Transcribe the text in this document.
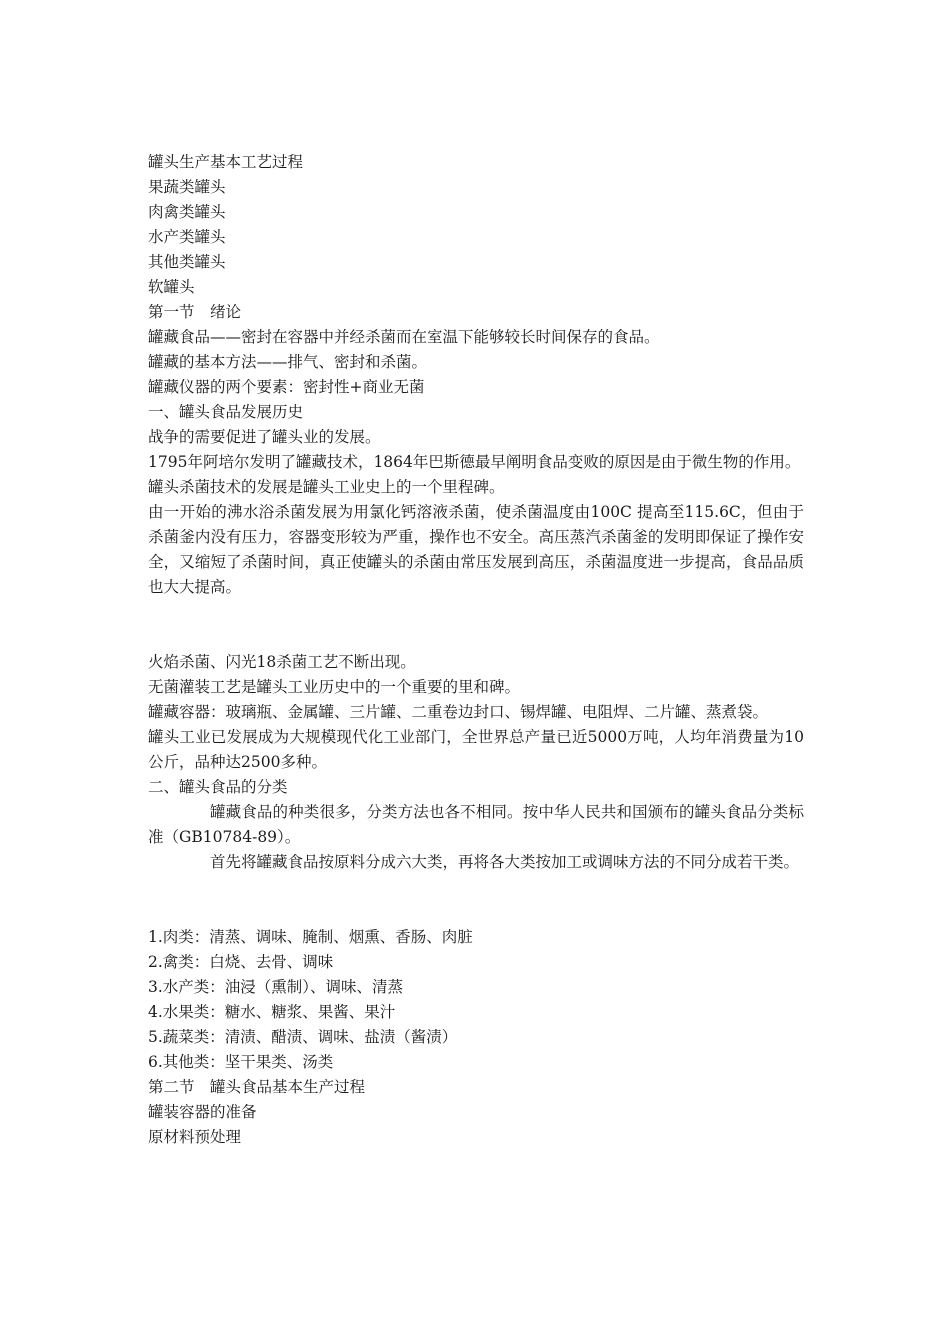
罐头生产基本工艺过程
果蔬类罐头
肉禽类罐头
水产类罐头
其他类罐头
软罐头
第一节　绪论
罐藏食品——密封在容器中并经杀菌而在室温下能够较长时间保存的食品。
罐藏的基本方法——排气、密封和杀菌。
罐藏仪器的两个要素：密封性+商业无菌
一、罐头食品发展历史
战争的需要促进了罐头业的发展。
1795年阿培尔发明了罐藏技术，1864年巴斯德最早阐明食品变败的原因是由于微生物的作用。
罐头杀菌技术的发展是罐头工业史上的一个里程碑。
由一开始的沸水浴杀菌发展为用氯化钙溶液杀菌，使杀菌温度由100C 提高至115.6C，但由于杀菌釜内没有压力，容器变形较为严重，操作也不安全。高压蒸汽杀菌釜的发明即保证了操作安全，又缩短了杀菌时间，真正使罐头的杀菌由常压发展到高压，杀菌温度进一步提高，食品品质也大大提高。
火焰杀菌、闪光18杀菌工艺不断出现。
无菌灌装工艺是罐头工业历史中的一个重要的里和碑。
罐藏容器：玻璃瓶、金属罐、三片罐、二重卷边封口、锡焊罐、电阻焊、二片罐、蒸煮袋。
罐头工业已发展成为大规模现代化工业部门，全世界总产量已近5000万吨，人均年消费量为10公斤，品种达2500多种。
二、罐头食品的分类
罐藏食品的种类很多，分类方法也各不相同。按中华人民共和国颁布的罐头食品分类标准（GB10784-89）。
首先将罐藏食品按原料分成六大类，再将各大类按加工或调味方法的不同分成若干类。
1.肉类：清蒸、调味、腌制、烟熏、香肠、肉脏
2.禽类：白烧、去骨、调味
3.水产类：油浸（熏制）、调味、清蒸
4.水果类：糖水、糖浆、果酱、果汁
5.蔬菜类：清渍、醋渍、调味、盐渍（酱渍）
6.其他类：坚干果类、汤类
第二节　罐头食品基本生产过程
罐装容器的准备
原材料预处理
